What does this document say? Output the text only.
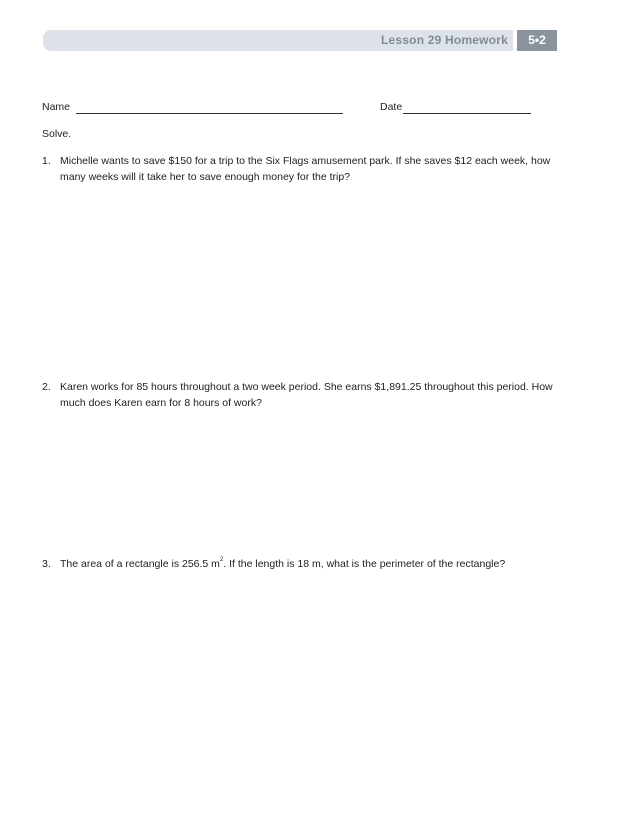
Lesson 29 Homework	5•2
Name	Date
Solve.
1. Michelle wants to save $150 for a trip to the Six Flags amusement park. If she saves $12 each week, how many weeks will it take her to save enough money for the trip?
2. Karen works for 85 hours throughout a two week period. She earns $1,891.25 throughout this period. How much does Karen earn for 8 hours of work?
3. The area of a rectangle is 256.5 $m^2$. If the length is 18 m, what is the perimeter of the rectangle?
